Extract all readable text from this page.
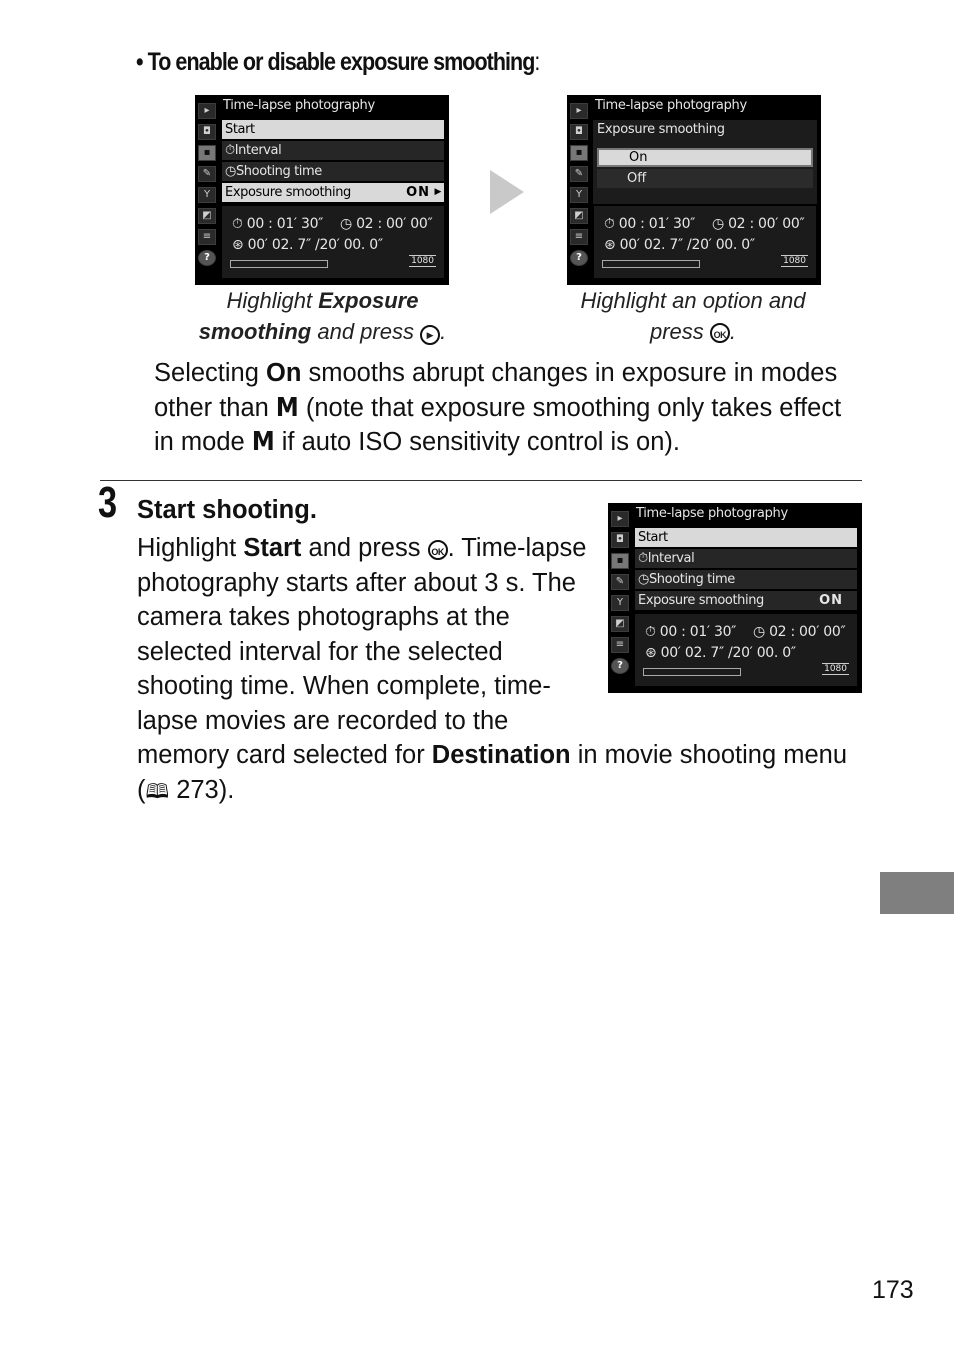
• To enable or disable exposure smoothing:
▸
◘
▪
✎
Y
◩
≡
?
Time-lapse photography
Start
⏱Interval
◷Shooting time
Exposure smoothing	ON ▶
⏱ 00 : 01′ 30″ ◷ 02 : 00′ 00″
⊛ 00′ 02. 7″ /20′ 00. 0″
1080
▸
◘
▪
✎
Y
◩
≡
?
Time-lapse photography
Exposure smoothing
On
Off
⏱ 00 : 01′ 30″ ◷ 02 : 00′ 00″
⊛ 00′ 02. 7″ /20′ 00. 0″
1080
Highlight Exposure smoothing and press ▶ .
Highlight an option and press OK .
Selecting On smooths abrupt changes in exposure in modes other than M (note that exposure smoothing only takes effect in mode M if auto ISO sensitivity control is on).
3 Start shooting.
Highlight Start and press OK . Time-lapse photography starts after about 3 s. The camera takes photographs at the selected interval for the selected shooting time. When complete, time-lapse movies are recorded to the
memory card selected for Destination in movie shooting menu (🕮 273).
▸
◘
▪
✎
Y
◩
≡
?
Time-lapse photography
Start
⏱Interval
◷Shooting time
Exposure smoothing	ON
⏱ 00 : 01′ 30″ ◷ 02 : 00′ 00″
⊛ 00′ 02. 7″ /20′ 00. 0″
1080
173
